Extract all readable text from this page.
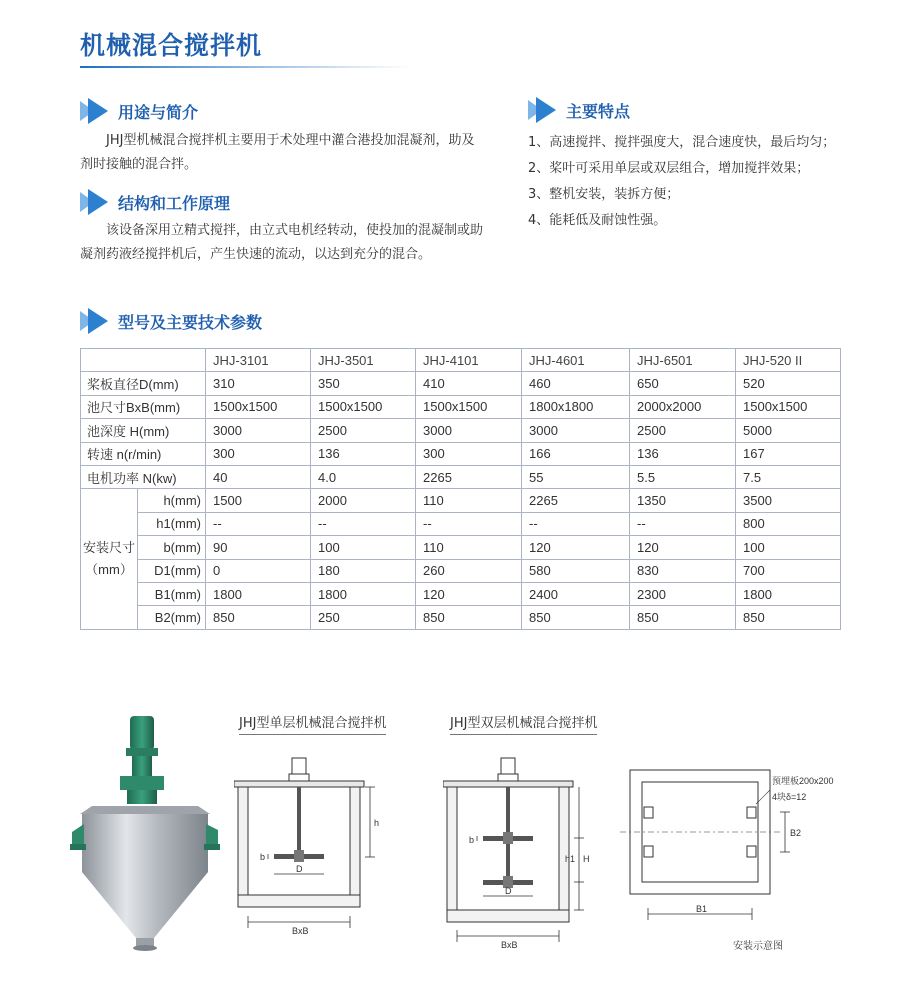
机械混合搅拌机
用途与简介

JHJ型机械混合搅拌机主要用于术处理中灌合港投加混凝剂，助及剂时接触的混合拌。

结构和工作原理

该设备深用立精式搅拌，由立式电机经转动，使投加的混凝制或助凝剂药液经搅拌机后，产生快速的流动，以达到充分的混合。

主要特点
1、高速搅拌、搅拌强度大，混合速度快，最后均匀；
2、桨叶可采用单层或双层组合，增加搅拌效果；
3、整机安装，装拆方便；
4、能耗低及耐蚀性强。
型号及主要技术参数
		JHJ-3101	JHJ-3501	JHJ-4101	JHJ-4601	JHJ-6501	JHJ-520 II
桨板直径D(mm)		310	350	410	460	650	520
池尺寸BxB(mm)		1500x1500	1500x1500	1500x1500	1800x1800	2000x2000	1500x1500
池深度 H(mm)		3000	2500	3000	3000	2500	5000
转速 n(r/min)		300	136	300	166	136	167
电机功率 N(kw)		40	4.0	2265	55	5.5	7.5

安装尺寸
（mm）	h(mm)	1500	2000	110	2265	1350	3500
	h1(mm)	--	--	--	--	--	800
	b(mm)	90	100	110	120	120	100
	D1(mm)	0	180	260	580	830	700
	B1(mm)	1800	1800	120	2400	2300	1800
	B2(mm)	850	250	850	850	850	850
JHJ型单层机械混合搅拌机
h
b
D
BxB
JHJ型双层机械混合搅拌机
h1 H
b
D
BxB
预埋板200x200
4块δ=12
B2
B1
安装示意图
